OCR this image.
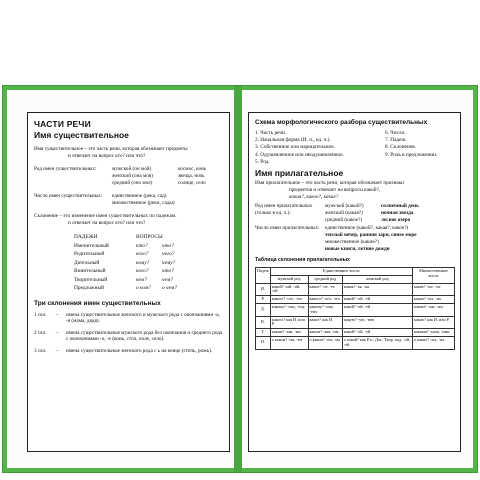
ЧАСТИ РЕЧИ
Имя существительное
Имя существительное – это часть речи, которая обозначает предметы
и отвечает на вопрос кто? или что?
Род имен существительных:	мужской (он мой)	космос, конь
женский (она моя)	звезда, ночь
средний (оно мое)	солнце, село
Число имен существительных:	единственное (река, сад)
множественное (реки, сады)
Склонение – это изменение имен существительных по падежам.
и отвечает на вопрос кто? или что?
ПАДЕЖИ	ВОПРОСЫ
Именительный	кто?	что?
Родительный	кого? чего?
Дательный	кому? чему?
Винительный	кого? что?
Творительный	кем?	чем?
Предложный	о ком? о чем?
Три склонения имен существительных
1 скл.	–	имена существительные женского и мужского рода с окончаниями -а, -я (мама, дядя).
2 скл.	–	имена существительные мужского рода без окончания и среднего рода с окончаниями -о, -е (конь, стол, поле, село).
3 скл.	–	имена существительные женского рода с ь на конце (степь, рожь).
Схема морфологического разбора существительных
1. Часть речи.
2. Начальная форма (И. п., ед. ч.).
3. Собственное или нарицательное.
4. Одушевленное или неодушевленное.
5. Род.
6. Число.
7. Падеж.
8. Склонение.
9. Роль в предложении.
Имя прилагательное
Имя прилагательное – это часть речи, которая обозначает признаки
предметов и отвечает на вопросы какой?,
какая?, какое?, какие?
Род имен прилагательных
(только в ед. ч.):
мужской (какой?)	солнечный день
женский (какая?)	ночная звезда
средний (какое?)	лесное озеро
Число имен прилагательных:	единственное (какой?, какая?, какое?)
теплый вечер, ранняя заря, синее море
множественное (какие?)
новые книги, летние дожди
Таблица склонения прилагательных
Падеж	Единственное число			Множественное число
	мужской род	средний род	женский род	
И.	какой? -ый, -ий, -ой	какое? -ое, -ее	какая? -ая, -яя	какие? -ые, -ие
Р.	какого? -ого, -его	какого? -ого, -его	какой? -ой, -ей	каких? -ых, -их
Д.	какому? -ому, -ему	какому? -ому, -ему	какой? -ой, -ей	каким? -ым, -им
В.	какого? как И. или Р.	какое? как И.	какую? -ую, -юю	каких? как И. или Р.
Т.	каким? -ым, -им	каким? -ым, -им	какой? -ой, -ей	какими? -ыми, -ими
П.	о каком? -ом, -ем	о каком? -ом, -ем	о какой? как Р.п., Дат., Твор. пад. -ой, -ей	о каких? -ых, -их
